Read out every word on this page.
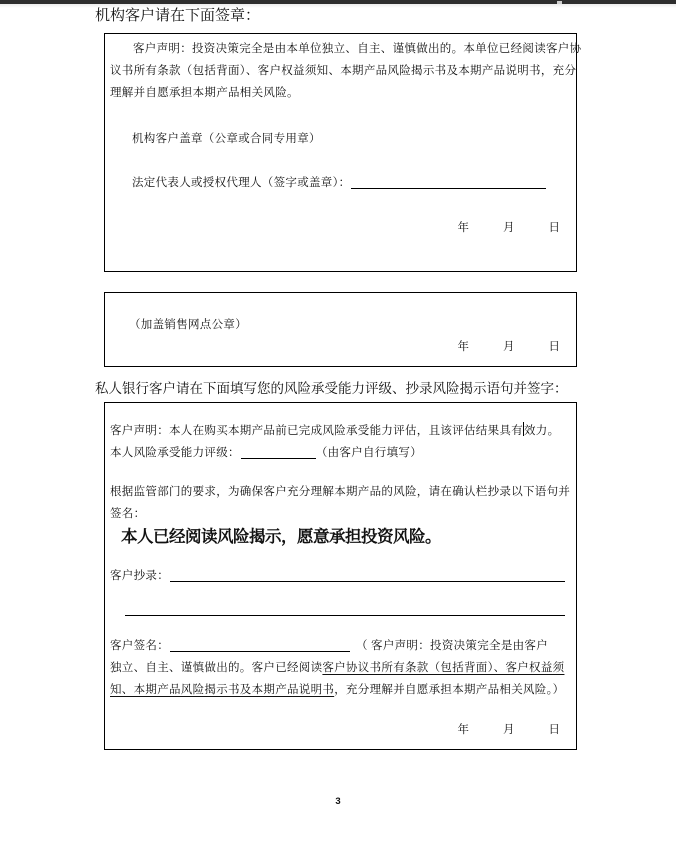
机构客户请在下面签章：
客户声明：投资决策完全是由本单位独立、自主、谨慎做出的。本单位已经阅读客户协
议书所有条款（包括背面）、客户权益须知、本期产品风险揭示书及本期产品说明书，充分
理解并自愿承担本期产品相关风险。
机构客户盖章（公章或合同专用章）
法定代表人或授权代理人（签字或盖章）：
年	月	日
（加盖销售网点公章）
年	月	日
私人银行客户请在下面填写您的风险承受能力评级、抄录风险揭示语句并签字：
客户声明：本人在购买本期产品前已完成风险承受能力评估，且该评估结果具有效力。
本人风险承受能力评级：	（由客户自行填写）
根据监管部门的要求，为确保客户充分理解本期产品的风险，请在确认栏抄录以下语句并
签名：
本人已经阅读风险揭示，愿意承担投资风险。
客户抄录：
客户签名：	　（ 客户声明：投资决策完全是由客户
独立、自主、谨慎做出的。客户已经阅读客户协议书所有条款（包括背面）、客户权益须
知、本期产品风险揭示书及本期产品说明书，充分理解并自愿承担本期产品相关风险。）
年	月	日
3
